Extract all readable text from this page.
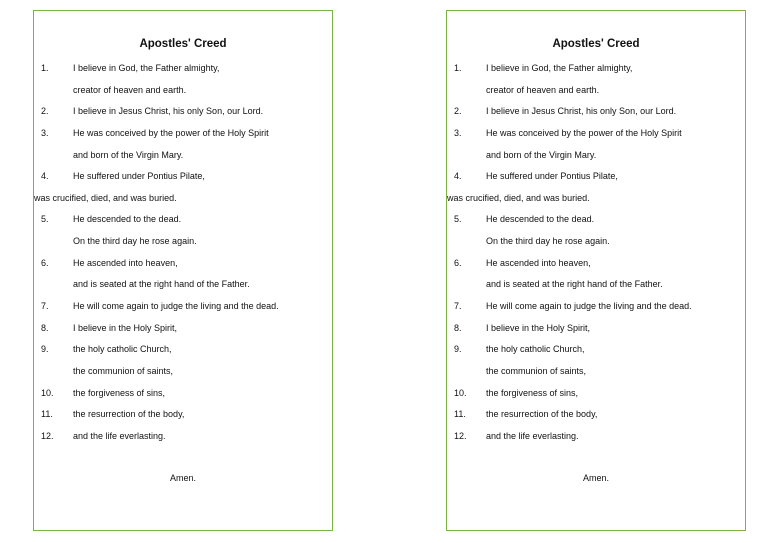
Apostles' Creed
1.	I believe in God, the Father almighty,
creator of heaven and earth.
2.	I believe in Jesus Christ, his only Son, our Lord.
3.	He was conceived by the power of the Holy Spirit
and born of the Virgin Mary.
4.	He suffered under Pontius Pilate,
was crucified, died, and was buried.
5.	He descended to the dead.
On the third day he rose again.
6.	He ascended into heaven,
and is seated at the right hand of the Father.
7.	He will come again to judge the living and the dead.
8.	I believe in the Holy Spirit,
9.	the holy catholic Church,
the communion of saints,
10. the forgiveness of sins,
11. the resurrection of the body,
12. and the life everlasting.
Amen.
Apostles' Creed
1.	I believe in God, the Father almighty,
creator of heaven and earth.
2.	I believe in Jesus Christ, his only Son, our Lord.
3.	He was conceived by the power of the Holy Spirit
and born of the Virgin Mary.
4.	He suffered under Pontius Pilate,
was crucified, died, and was buried.
5.	He descended to the dead.
On the third day he rose again.
6.	He ascended into heaven,
and is seated at the right hand of the Father.
7.	He will come again to judge the living and the dead.
8.	I believe in the Holy Spirit,
9.	the holy catholic Church,
the communion of saints,
10. the forgiveness of sins,
11. the resurrection of the body,
12. and the life everlasting.
Amen.
